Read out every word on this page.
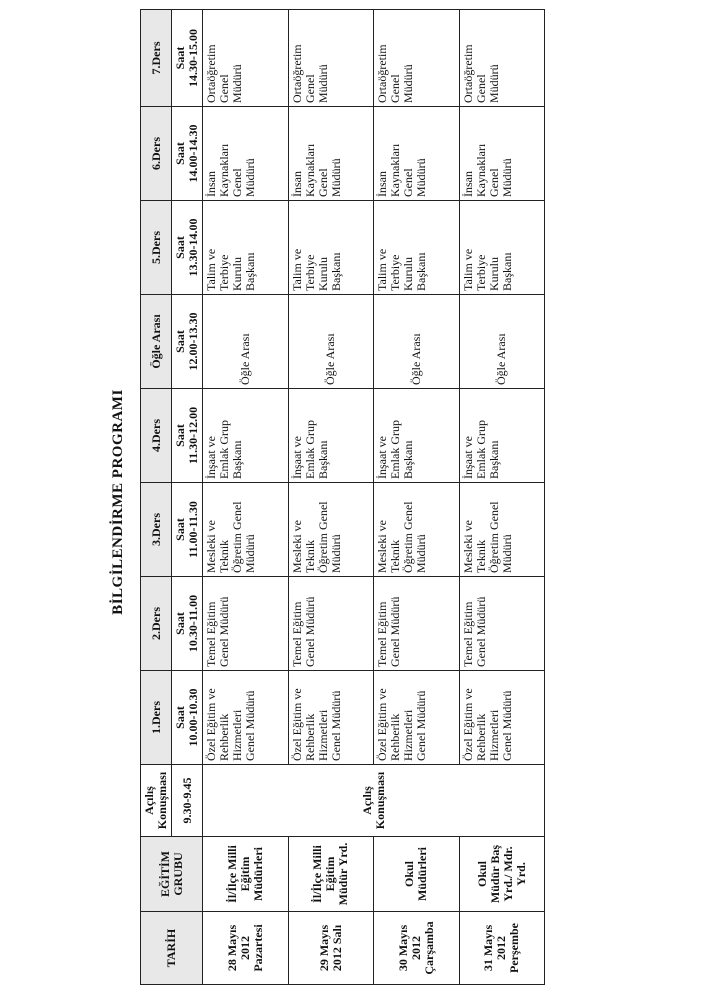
BİLGİLENDİRME PROGRAMI
TARİH	EĞİTİM GRUBU	Açılış Konuşması	1.Ders	2.Ders	3.Ders	4.Ders	Öğle Arası	5.Ders	6.Ders	7.Ders
		9.30-9.45	Saat 10.00-10.30	Saat 10.30-11.00	Saat 11.00-11.30	Saat 11.30-12.00	Saat 12.00-13.30	Saat 13.30-14.00	Saat 14.00-14.30	Saat 14.30-15.00

28 Mayıs 2012 Pazartesi	İl/İlçe Milli Eğitim Müdürleri	Açılış Konuşması	Özel Eğitim ve Rehberlik Hizmetleri Genel Müdürü	Temel Eğitim Genel Müdürü	Mesleki ve Teknik Öğretim Genel Müdürü	İnşaat ve Emlak Grup Başkanı	Öğle Arası	Talim ve Terbiye Kurulu Başkanı	İnsan Kaynakları Genel Müdürü	Ortaöğretim Genel Müdürü

29 Mayıs 2012 Salı	İl/İlçe Milli Eğitim Müdür Yrd.		Özel Eğitim ve Rehberlik Hizmetleri Genel Müdürü	Temel Eğitim Genel Müdürü	Mesleki ve Teknik Öğretim Genel Müdürü	İnşaat ve Emlak Grup Başkanı	Öğle Arası	Talim ve Terbiye Kurulu Başkanı	İnsan Kaynakları Genel Müdürü	Ortaöğretim Genel Müdürü

30 Mayıs 2012 Çarşamba	Okul Müdürleri		Özel Eğitim ve Rehberlik Hizmetleri Genel Müdürü	Temel Eğitim Genel Müdürü	Mesleki ve Teknik Öğretim Genel Müdürü	İnşaat ve Emlak Grup Başkanı	Öğle Arası	Talim ve Terbiye Kurulu Başkanı	İnsan Kaynakları Genel Müdürü	Ortaöğretim Genel Müdürü

31 Mayıs 2012 Perşembe	Okul Müdür Baş Yrd./ Mdr. Yrd.		Özel Eğitim ve Rehberlik Hizmetleri Genel Müdürü	Temel Eğitim Genel Müdürü	Mesleki ve Teknik Öğretim Genel Müdürü	İnşaat ve Emlak Grup Başkanı	Öğle Arası	Talim ve Terbiye Kurulu Başkanı	İnsan Kaynakları Genel Müdürü	Ortaöğretim Genel Müdürü
